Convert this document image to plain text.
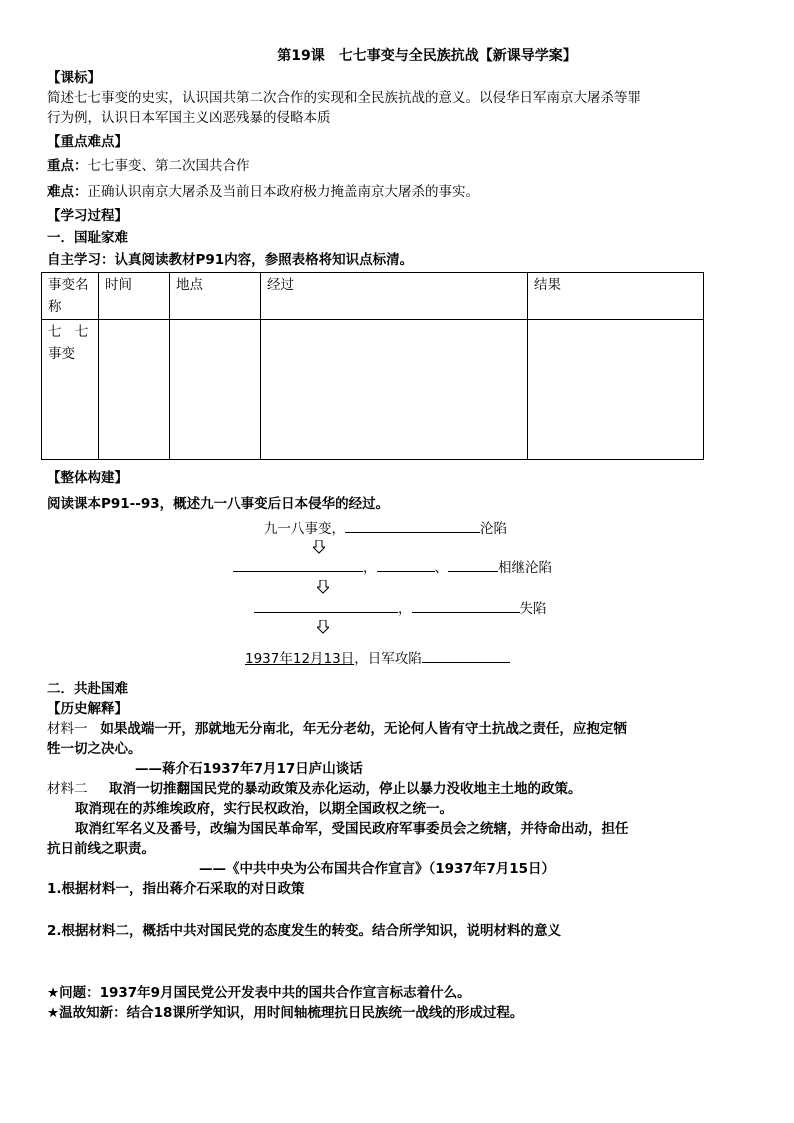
第19课　七七事变与全民族抗战【新课导学案】

【课标】

简述七七事变的史实，认识国共第二次合作的实现和全民族抗战的意义。以侵华日军南京大屠杀等罪

行为例，认识日本军国主义凶恶残暴的侵略本质

【重点难点】

重点：七七事变、第二次国共合作

难点：正确认识南京大屠杀及当前日本政府极力掩盖南京大屠杀的事实。

【学习过程】

一．国耻家难

自主学习：认真阅读教材P91内容，参照表格将知识点标清。

事变名称	时间	地点	经过	结果

七　七
事变				

【整体构建】

阅读课本P91--93，概述九一八事变后日本侵华的经过。

九一八事变，	沦陷
，	、	相继沦陷
，	失陷
1937年12月13日，日军攻陷

二．共赴国难

【历史解释】

材料一 如果战端一开，那就地无分南北，年无分老幼，无论何人皆有守土抗战之责任，应抱定牺

牲一切之决心。

——蒋介石1937年7月17日庐山谈话

材料二 取消一切推翻国民党的暴动政策及赤化运动，停止以暴力没收地主土地的政策。

取消现在的苏维埃政府，实行民权政治，以期全国政权之统一。

取消红军名义及番号，改编为国民革命军，受国民政府军事委员会之统辖，并待命出动，担任

抗日前线之职责。

——《中共中央为公布国共合作宣言》（1937年7月15日）

1.根据材料一，指出蒋介石采取的对日政策

2.根据材料二，概括中共对国民党的态度发生的转变。结合所学知识，说明材料的意义

★问题：1937年9月国民党公开发表中共的国共合作宣言标志着什么。

★温故知新：结合18课所学知识，用时间轴梳理抗日民族统一战线的形成过程。
